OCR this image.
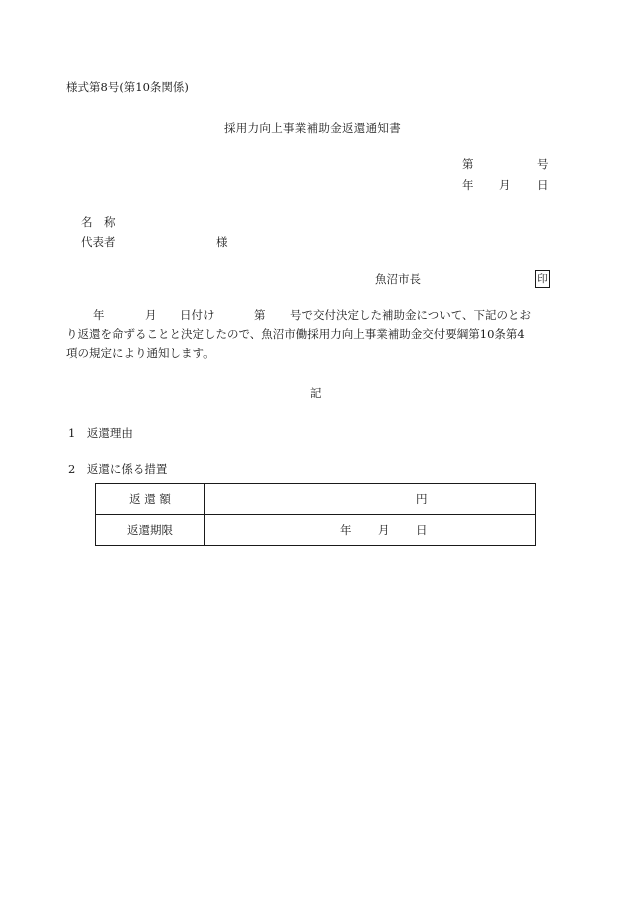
様式第8号(第10条関係)
採用力向上事業補助金返還通知書
第	号
年 月 日
名　称
代表者	様
魚沼市長	印
年	月 日付け	第 号で交付決定した補助金について、下記のとお
り返還を命ずることと決定したので、魚沼市働採用力向上事業補助金交付要綱第10条第4
項の規定により通知します。
記
1　返還理由
2　返還に係る措置
返 還 額	円

返還期限	年 月 日
